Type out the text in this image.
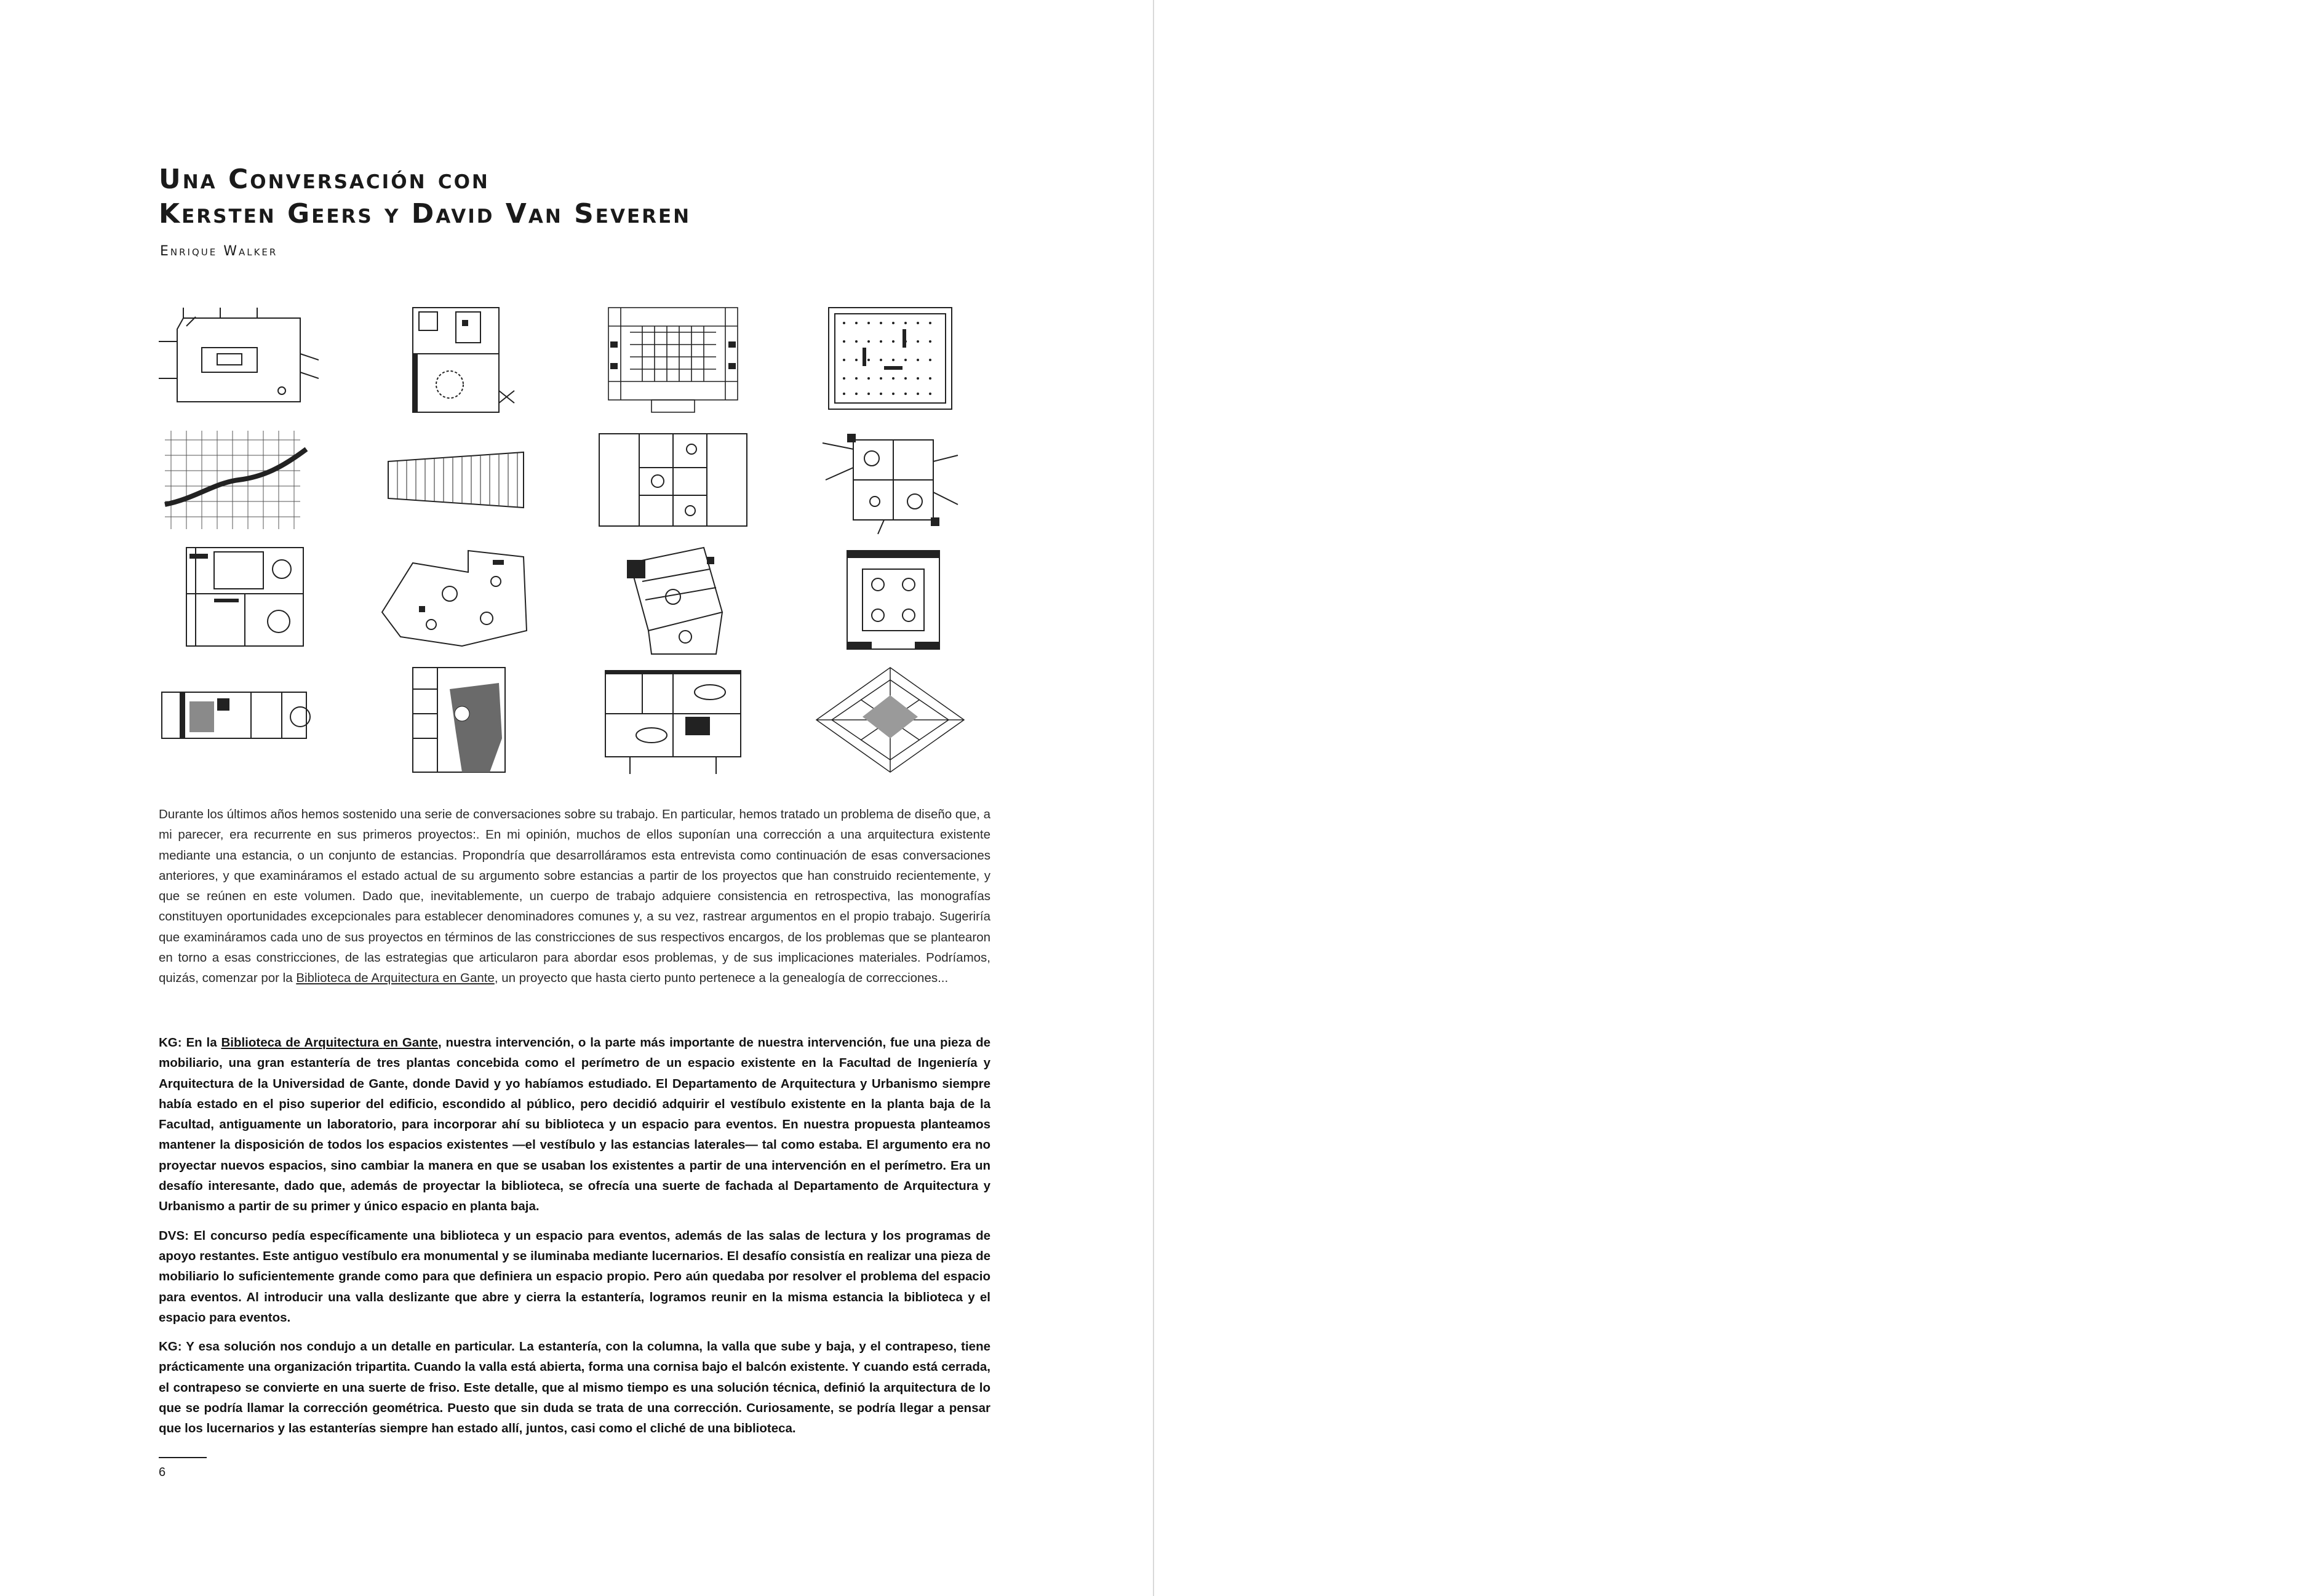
Una Conversación con
Kersten Geers y David Van Severen

Enrique Walker

Durante los últimos años hemos sostenido una serie de conversaciones sobre su trabajo. En particular, hemos tratado un problema de diseño que, a mi parecer, era recurrente en sus primeros proyectos:. En mi opinión, muchos de ellos suponían una corrección a una arquitectura existente mediante una estancia, o un conjunto de estancias. Propondría que desarrolláramos esta entrevista como continuación de esas conversaciones anteriores, y que examináramos el estado actual de su argumento sobre estancias a partir de los proyectos que han construido recientemente, y que se reúnen en este volumen. Dado que, inevitablemente, un cuerpo de trabajo adquiere consistencia en retrospectiva, las monografías constituyen oportunidades excepcionales para establecer denominadores comunes y, a su vez, rastrear argumentos en el propio trabajo. Sugeriría que examináramos cada uno de sus proyectos en términos de las constricciones de sus respectivos encargos, de los problemas que se plantearon en torno a esas constricciones, de las estrategias que articularon para abordar esos problemas, y de sus implicaciones materiales. Podríamos, quizás, comenzar por la Biblioteca de Arquitectura en Gante, un proyecto que hasta cierto punto pertenece a la genealogía de correcciones...

KG: En la Biblioteca de Arquitectura en Gante, nuestra intervención, o la parte más importante de nuestra intervención, fue una pieza de mobiliario, una gran estantería de tres plantas concebida como el perímetro de un espacio existente en la Facultad de Ingeniería y Arquitectura de la Universidad de Gante, donde David y yo habíamos estudiado. El Departamento de Arquitectura y Urbanismo siempre había estado en el piso superior del edificio, escondido al público, pero decidió adquirir el vestíbulo existente en la planta baja de la Facultad, antiguamente un laboratorio, para incorporar ahí su biblioteca y un espacio para eventos. En nuestra propuesta planteamos mantener la disposición de todos los espacios existentes —el vestíbulo y las estancias laterales— tal como estaba. El argumento era no proyectar nuevos espacios, sino cambiar la manera en que se usaban los existentes a partir de una intervención en el perímetro. Era un desafío interesante, dado que, además de proyectar la biblioteca, se ofrecía una suerte de fachada al Departamento de Arquitectura y Urbanismo a partir de su primer y único espacio en planta baja.

DVS: El concurso pedía específicamente una biblioteca y un espacio para eventos, además de las salas de lectura y los programas de apoyo restantes. Este antiguo vestíbulo era monumental y se iluminaba mediante lucernarios. El desafío consistía en realizar una pieza de mobiliario lo suficientemente grande como para que definiera un espacio propio. Pero aún quedaba por resolver el problema del espacio para eventos. Al introducir una valla deslizante que abre y cierra la estantería, logramos reunir en la misma estancia la biblioteca y el espacio para eventos.

KG: Y esa solución nos condujo a un detalle en particular. La estantería, con la columna, la valla que sube y baja, y el contrapeso, tiene prácticamente una organización tripartita. Cuando la valla está abierta, forma una cornisa bajo el balcón existente. Y cuando está cerrada, el contrapeso se convierte en una suerte de friso. Este detalle, que al mismo tiempo es una solución técnica, definió la arquitectura de lo que se podría llamar la corrección geométrica. Puesto que sin duda se trata de una corrección. Curiosamente, se podría llegar a pensar que los lucernarios y las estanterías siempre han estado allí, juntos, casi como el cliché de una biblioteca.

6
